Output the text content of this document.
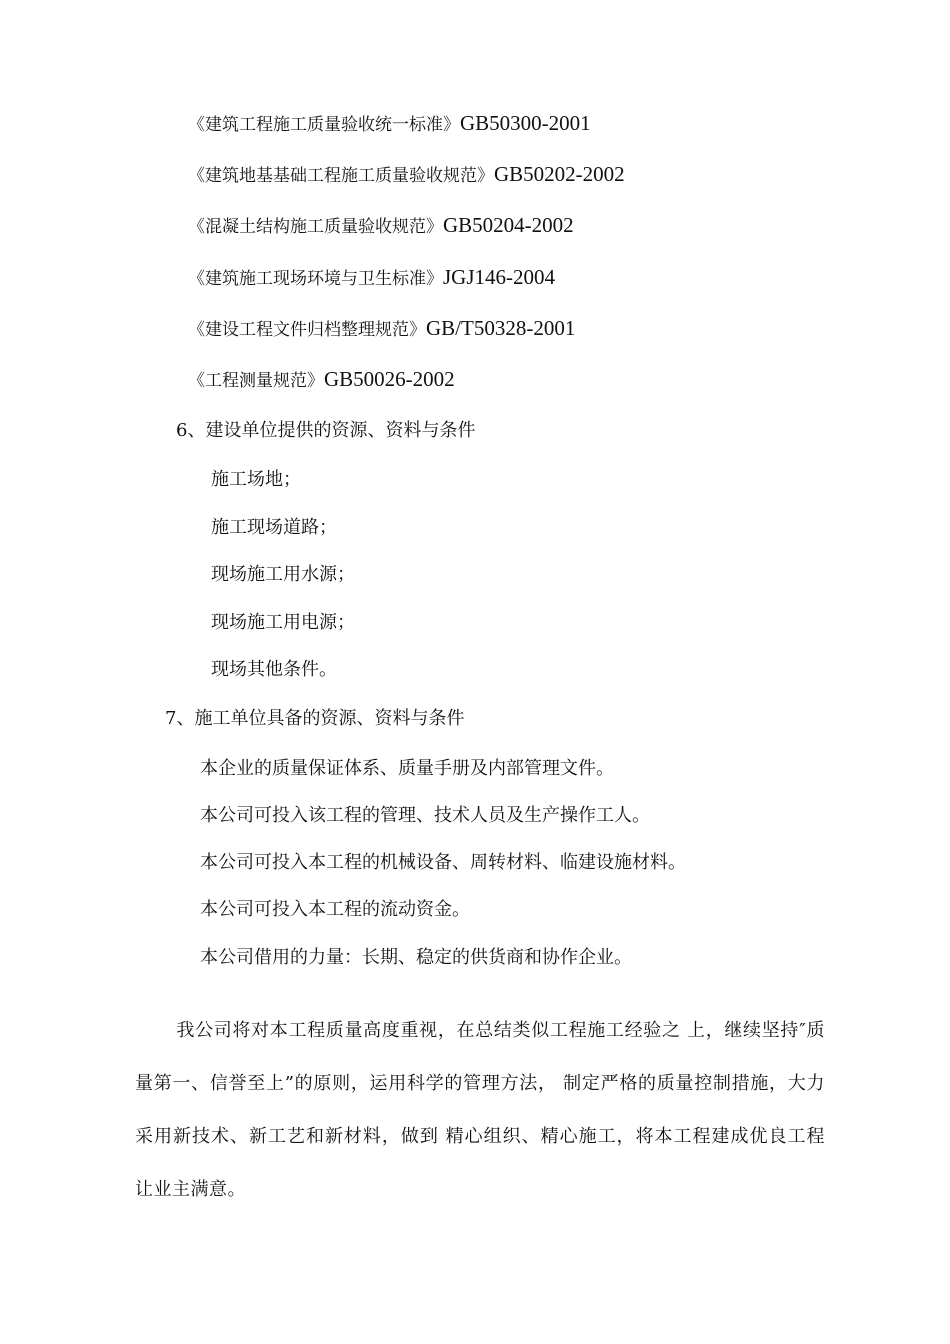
《建筑工程施工质量验收统一标准》GB50300-2001
《建筑地基基础工程施工质量验收规范》GB50202-2002
《混凝土结构施工质量验收规范》GB50204-2002
《建筑施工现场环境与卫生标准》JGJ146-2004
《建设工程文件归档整理规范》GB/T50328-2001
《工程测量规范》GB50026-2002
6、建设单位提供的资源、资料与条件
施工场地；
施工现场道路；
现场施工用水源；
现场施工用电源；
现场其他条件。
7、施工单位具备的资源、资料与条件
本企业的质量保证体系、质量手册及内部管理文件。
本公司可投入该工程的管理、技术人员及生产操作工人。
本公司可投入本工程的机械设备、周转材料、临建设施材料。
本公司可投入本工程的流动资金。
本公司借用的力量：长期、稳定的供货商和协作企业。
我公司将对本工程质量高度重视，在总结类似工程施工经验之 上，继续坚持″质量第一、信誉至上”的原则，运用科学的管理方法， 制定严格的质量控制措施，大力采用新技术、新工艺和新材料，做到 精心组织、精心施工，将本工程建成优良工程让业主满意。
